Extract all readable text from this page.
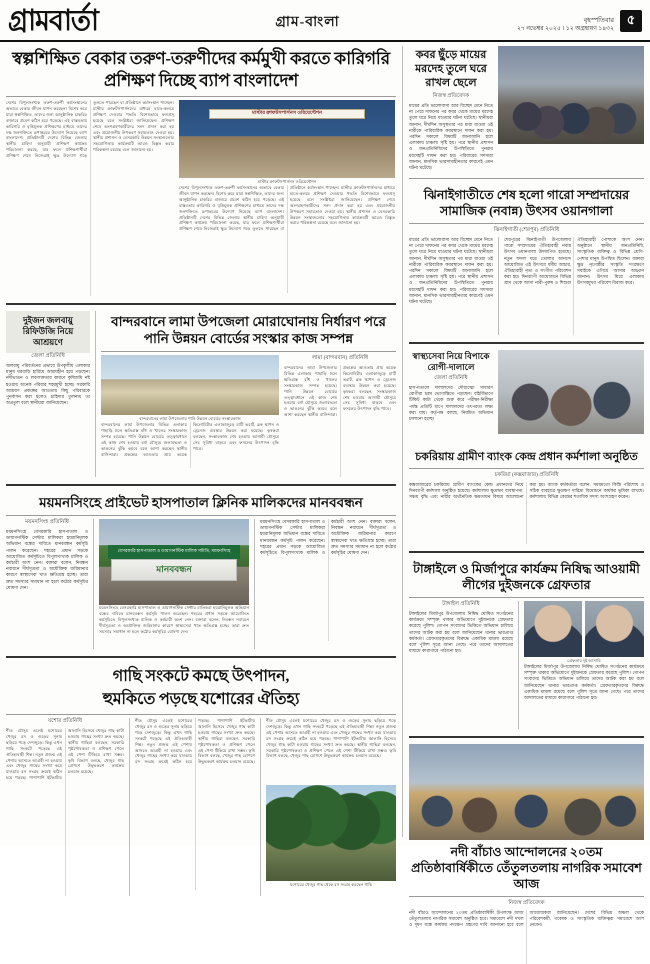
গ্রামবার্তা	গ্রাম-বাংলা	বৃহস্পতিবার
২৭ নভেম্বর ২০২৫ । ১২ অগ্রহায়ণ ১৪৩২
৫
স্বল্পশিক্ষিত বেকার তরুণ-তরুণীদের কর্মমুখী করতে কারিগরি প্রশিক্ষণ দিচ্ছে ব্যাপ বাংলাদেশ
দেশের বিপুলসংখ্যক তরুণ-তরুণী কর্মসংস্থানের অভাবে বেকার জীবন যাপন করছেন। বিশেষ করে যারা স্বল্পশিক্ষিত, তাদের জন্য আনুষ্ঠানিক চাকরির বাজারে প্রবেশ কঠিন হয়ে পড়েছে। এই বাস্তবতায় কারিগরি ও বৃত্তিমূলক প্রশিক্ষণের মাধ্যমে তাদের দক্ষ জনশক্তিতে রূপান্তরের উদ্যোগ নিয়েছে ব্যাপ বাংলাদেশ। প্রতিষ্ঠানটি দেশের বিভিন্ন জেলায় স্থানীয় চাহিদা অনুযায়ী প্রশিক্ষণ কার্যক্রম পরিচালনা করছে, যার ফলে প্রশিক্ষণার্থীরা প্রশিক্ষণ শেষে নিজেরাই ক্ষুদ্র উদ্যোগ গড়ে তুলতে পারছেন বা প্রতিষ্ঠানে কর্মসংস্থান পাচ্ছেন। মাস্টার ক্রাফটসপার্সনদের মাধ্যমে হাতে-কলমে প্রশিক্ষণ দেওয়ার পদ্ধতি বিশেষভাবে ফলপ্রসূ হয়েছে বলে সংশ্লিষ্টরা জানিয়েছেন। প্রশিক্ষণ শেষে অংশগ্রহণকারীদের সনদ প্রদান করা হয় এবং প্রয়োজনীয় উপকরণ সহায়তাও দেওয়া হয়। স্থানীয় প্রশাসন ও বেসরকারি উন্নয়ন সংস্থাগুলোর সহযোগিতায় কার্যক্রমটি আরও বিস্তৃত করার পরিকল্পনা রয়েছে বলে জানানো হয়।
মাস্টার ক্রাফটসপার্সনস ওরিয়েন্টেশন
মাস্টার ক্রাফটসপার্সনস ওরিয়েন্টেশন
দেশের বিপুলসংখ্যক তরুণ-তরুণী কর্মসংস্থানের অভাবে বেকার জীবন যাপন করছেন। বিশেষ করে যারা স্বল্পশিক্ষিত, তাদের জন্য আনুষ্ঠানিক চাকরির বাজারে প্রবেশ কঠিন হয়ে পড়েছে। এই বাস্তবতায় কারিগরি ও বৃত্তিমূলক প্রশিক্ষণের মাধ্যমে তাদের দক্ষ জনশক্তিতে রূপান্তরের উদ্যোগ নিয়েছে ব্যাপ বাংলাদেশ। প্রতিষ্ঠানটি দেশের বিভিন্ন জেলায় স্থানীয় চাহিদা অনুযায়ী প্রশিক্ষণ কার্যক্রম পরিচালনা করছে, যার ফলে প্রশিক্ষণার্থীরা প্রশিক্ষণ শেষে নিজেরাই ক্ষুদ্র উদ্যোগ গড়ে তুলতে পারছেন বা প্রতিষ্ঠানে কর্মসংস্থান পাচ্ছেন। মাস্টার ক্রাফটসপার্সনদের মাধ্যমে হাতে-কলমে প্রশিক্ষণ দেওয়ার পদ্ধতি বিশেষভাবে ফলপ্রসূ হয়েছে বলে সংশ্লিষ্টরা জানিয়েছেন। প্রশিক্ষণ শেষে অংশগ্রহণকারীদের সনদ প্রদান করা হয় এবং প্রয়োজনীয় উপকরণ সহায়তাও দেওয়া হয়। স্থানীয় প্রশাসন ও বেসরকারি উন্নয়ন সংস্থাগুলোর সহযোগিতায় কার্যক্রমটি আরও বিস্তৃত করার পরিকল্পনা রয়েছে বলে জানানো হয়।
দুইজন জলবায়ু রিফিউজি নিয়ে আশ্রয়ণে
জেলা প্রতিনিধি
জলবায়ু পরিবর্তনের প্রভাবে উপকূলীয় এলাকার মানুষ ঘরবাড়ি হারিয়ে আশ্রয়হীন হয়ে পড়ছেন। নদীভাঙন ও লবণাক্ততার কারণে কৃষিজমি নষ্ট হওয়ায় অনেক পরিবার শহরমুখী হচ্ছে। সরকারি আশ্রয়ণ প্রকল্পের আওতায় কিছু পরিবারকে পুনর্বাসন করা হলেও চাহিদার তুলনায় তা অপ্রতুল বলে স্থানীয়রা জানিয়েছেন।
বান্দরবানে লামা উপজেলা মোরাঘোনায় নির্ধারণ পরে পানি উন্নয়ন বোর্ডের সংস্কার কাজ সম্পন্ন
বান্দরবানের লামা উপজেলায় পানি উন্নয়ন বোর্ডের সংস্কারকাজ
বান্দরবানের লামা উপজেলার বিভিন্ন এলাকায় পাহাড়ি ঢলে ক্ষতিগ্রস্ত বাঁধ ও খালের সংস্কারকাজ সম্পন্ন হয়েছে। পানি উন্নয়ন বোর্ডের তত্ত্বাবধানে এই কাজ শেষ হওয়ায় বর্ষা মৌসুমে জলাবদ্ধতা ও ভাঙনের ঝুঁকি কমবে বলে আশা করছেন স্থানীয় বাসিন্দারা। প্রকল্পের আওতায় প্রায় কয়েক কিলোমিটার এলাকাজুড়ে মাটি ভরাট, ব্লক স্থাপন ও ড্রেনেজ ব্যবস্থার উন্নয়ন করা হয়েছে। কৃষকরা বলছেন, সংস্কারকাজ শেষ হওয়ায় আগামী মৌসুমে সেচ সুবিধা বাড়বে এবং ফসলের উৎপাদন বৃদ্ধি পাবে।
লামা (বান্দরবান) প্রতিনিধি
বান্দরবানের লামা উপজেলার বিভিন্ন এলাকায় পাহাড়ি ঢলে ক্ষতিগ্রস্ত বাঁধ ও খালের সংস্কারকাজ সম্পন্ন হয়েছে। পানি উন্নয়ন বোর্ডের তত্ত্বাবধানে এই কাজ শেষ হওয়ায় বর্ষা মৌসুমে জলাবদ্ধতা ও ভাঙনের ঝুঁকি কমবে বলে আশা করছেন স্থানীয় বাসিন্দারা। প্রকল্পের আওতায় প্রায় কয়েক কিলোমিটার এলাকাজুড়ে মাটি ভরাট, ব্লক স্থাপন ও ড্রেনেজ ব্যবস্থার উন্নয়ন করা হয়েছে। কৃষকরা বলছেন, সংস্কারকাজ শেষ হওয়ায় আগামী মৌসুমে সেচ সুবিধা বাড়বে এবং ফসলের উৎপাদন বৃদ্ধি পাবে।
ময়মনসিংহে প্রাইভেট হাসপাতাল ক্লিনিক মালিকদের মানববন্ধন
ময়মনসিংহ প্রতিনিধি
ময়মনসিংহে বেসরকারি হাসপাতাল ও ডায়াগনস্টিক সেন্টার মালিকরা হয়রানিমূলক অভিযান বন্ধের দাবিতে মানববন্ধন কর্মসূচি পালন করেছেন। শহরের প্রধান সড়কে আয়োজিত কর্মসূচিতে বিপুলসংখ্যক মালিক ও কর্মচারী অংশ নেন। বক্তারা বলেন, নিবন্ধন নবায়নে দীর্ঘসূত্রতা ও অযৌক্তিক জরিমানার কারণে স্বাস্থ্যসেবা খাত ক্ষতিগ্রস্ত হচ্ছে। তারা দ্রুত সমস্যার সমাধান না হলে কঠোর কর্মসূচির ঘোষণা দেন।
বেসরকারি হাসপাতাল ও ডায়াগনস্টিক মালিক সমিতি, ময়মনসিংহ
মানববন্ধন
ময়মনসিংহে বেসরকারি হাসপাতাল ও ডায়াগনস্টিক সেন্টার মালিকরা হয়রানিমূলক অভিযান বন্ধের দাবিতে মানববন্ধন কর্মসূচি পালন করেছেন। শহরের প্রধান সড়কে আয়োজিত কর্মসূচিতে বিপুলসংখ্যক মালিক ও কর্মচারী অংশ নেন। বক্তারা বলেন, নিবন্ধন নবায়নে দীর্ঘসূত্রতা ও অযৌক্তিক জরিমানার কারণে স্বাস্থ্যসেবা খাত ক্ষতিগ্রস্ত হচ্ছে। তারা দ্রুত সমস্যার সমাধান না হলে কঠোর কর্মসূচির ঘোষণা দেন।
ময়মনসিংহে বেসরকারি হাসপাতাল ও ডায়াগনস্টিক সেন্টার মালিকরা হয়রানিমূলক অভিযান বন্ধের দাবিতে মানববন্ধন কর্মসূচি পালন করেছেন। শহরের প্রধান সড়কে আয়োজিত কর্মসূচিতে বিপুলসংখ্যক মালিক ও কর্মচারী অংশ নেন। বক্তারা বলেন, নিবন্ধন নবায়নে দীর্ঘসূত্রতা ও অযৌক্তিক জরিমানার কারণে স্বাস্থ্যসেবা খাত ক্ষতিগ্রস্ত হচ্ছে। তারা দ্রুত সমস্যার সমাধান না হলে কঠোর কর্মসূচির ঘোষণা দেন।
গাছি সংকটে কমছে উৎপাদন,
হুমকিতে পড়ছে যশোরের ঐতিহ্য
যশোর প্রতিনিধি
শীত মৌসুম এলেই যশোরের খেজুর রস ও গুড়ের সুনাম ছড়িয়ে পড়ে দেশজুড়ে। কিন্তু এখন গাছি সংকটে পড়েছে এই ঐতিহ্যবাহী শিল্প। নতুন প্রজন্ম এই পেশায় আসতে আগ্রহী না হওয়ায় এবং খেজুর গাছের সংখ্যা কমে যাওয়ায় রস সংগ্রহ ক্রমেই কঠিন হয়ে পড়ছে। পাশাপাশি ইটভাটায় জ্বালানি হিসেবে খেজুর গাছ কাটা হওয়ায় গাছের সংখ্যা দ্রুত কমছে। স্থানীয় গাছিরা বলছেন, সরকারি পৃষ্ঠপোষকতা ও প্রশিক্ষণ পেলে এই পেশা টিকিয়ে রাখা সম্ভব। কৃষি বিভাগ বলছে, খেজুর গাছ রোপণে উদ্বুদ্ধকরণ কার্যক্রম চলমান রয়েছে।
শীত মৌসুম এলেই যশোরের খেজুর রস ও গুড়ের সুনাম ছড়িয়ে পড়ে দেশজুড়ে। কিন্তু এখন গাছি সংকটে পড়েছে এই ঐতিহ্যবাহী শিল্প। নতুন প্রজন্ম এই পেশায় আসতে আগ্রহী না হওয়ায় এবং খেজুর গাছের সংখ্যা কমে যাওয়ায় রস সংগ্রহ ক্রমেই কঠিন হয়ে পড়ছে। পাশাপাশি ইটভাটায় জ্বালানি হিসেবে খেজুর গাছ কাটা হওয়ায় গাছের সংখ্যা দ্রুত কমছে। স্থানীয় গাছিরা বলছেন, সরকারি পৃষ্ঠপোষকতা ও প্রশিক্ষণ পেলে এই পেশা টিকিয়ে রাখা সম্ভব। কৃষি বিভাগ বলছে, খেজুর গাছ রোপণে উদ্বুদ্ধকরণ কার্যক্রম চলমান রয়েছে।
শীত মৌসুম এলেই যশোরের খেজুর রস ও গুড়ের সুনাম ছড়িয়ে পড়ে দেশজুড়ে। কিন্তু এখন গাছি সংকটে পড়েছে এই ঐতিহ্যবাহী শিল্প। নতুন প্রজন্ম এই পেশায় আসতে আগ্রহী না হওয়ায় এবং খেজুর গাছের সংখ্যা কমে যাওয়ায় রস সংগ্রহ ক্রমেই কঠিন হয়ে পড়ছে। পাশাপাশি ইটভাটায় জ্বালানি হিসেবে খেজুর গাছ কাটা হওয়ায় গাছের সংখ্যা দ্রুত কমছে। স্থানীয় গাছিরা বলছেন, সরকারি পৃষ্ঠপোষকতা ও প্রশিক্ষণ পেলে এই পেশা টিকিয়ে রাখা সম্ভব। কৃষি বিভাগ বলছে, খেজুর গাছ রোপণে উদ্বুদ্ধকরণ কার্যক্রম চলমান রয়েছে।
যশোরের খেজুর গাছ থেকে রস সংগ্রহ করছেন গাছি
কবর ছুঁড়ে মায়ের মরদেহ তুলে ঘরে রাখল ছেলে
নিজস্ব প্রতিবেদক
মায়ের প্রতি ভালোবাসা আর বিচ্ছেদ মেনে নিতে না পেরে দাফনের পর কবর থেকে মায়ের মরদেহ তুলে ঘরে নিয়ে যাওয়ার ঘটনা ঘটেছে। স্থানীয়রা জানান, দীর্ঘদিন অসুস্থতার পর মারা যাওয়া ওই নারীকে পারিবারিক কবরস্থানে দাফন করা হয়। পরদিন সকালে বিষয়টি জানাজানি হলে এলাকায় চাঞ্চল্য সৃষ্টি হয়। পরে স্থানীয় প্রশাসন ও জনপ্রতিনিধিদের উপস্থিতিতে পুনরায় মরদেহটি দাফন করা হয়। পরিবারের সদস্যরা জানান, মানসিক ভারসাম্যহীনতার কারণেই এমন ঘটনা ঘটেছে।
ঝিনাইগাতীতে শেষ হলো গারো সম্প্রদায়ের সামাজিক (নবান্ন) উৎসব ওয়ানগালা
ঝিনাইগাতী (শেরপুর) প্রতিনিধি
মায়ের প্রতি ভালোবাসা আর বিচ্ছেদ মেনে নিতে না পেরে দাফনের পর কবর থেকে মায়ের মরদেহ তুলে ঘরে নিয়ে যাওয়ার ঘটনা ঘটেছে। স্থানীয়রা জানান, দীর্ঘদিন অসুস্থতার পর মারা যাওয়া ওই নারীকে পারিবারিক কবরস্থানে দাফন করা হয়। পরদিন সকালে বিষয়টি জানাজানি হলে এলাকায় চাঞ্চল্য সৃষ্টি হয়। পরে স্থানীয় প্রশাসন ও জনপ্রতিনিধিদের উপস্থিতিতে পুনরায় মরদেহটি দাফন করা হয়। পরিবারের সদস্যরা জানান, মানসিক ভারসাম্যহীনতার কারণেই এমন ঘটনা ঘটেছে।
শেরপুরের ঝিনাইগাতী উপজেলায় গারো সম্প্রদায়ের ঐতিহ্যবাহী নবান্ন উৎসব ওয়ানগালা উদযাপিত হয়েছে। নতুন ফসল ঘরে তোলার আনন্দে আয়োজিত এই উৎসবে ধর্মীয় আচার, ঐতিহ্যবাহী নৃত্য ও সংগীত পরিবেশন করা হয়। দিনব্যাপী আয়োজনে বিভিন্ন গ্রাম থেকে আসা নারী-পুরুষ ও শিশুরা ঐতিহ্যবাহী পোশাকে অংশ নেন। অনুষ্ঠানে স্থানীয় জনপ্রতিনিধি, সাংস্কৃতিক ব্যক্তিত্ব ও বিভিন্ন শ্রেণি-পেশার মানুষ উপস্থিত ছিলেন। বক্তারা ক্ষুদ্র নৃগোষ্ঠীর সংস্কৃতি সংরক্ষণে সবাইকে এগিয়ে আসার আহ্বান জানান। উৎসব ঘিরে এলাকায় উৎসবমুখর পরিবেশ বিরাজ করে।
স্বাস্থ্যসেবা নিয়ে বিপাকে রোগী-দালালে
জেলা প্রতিনিধি
হাসপাতালে দালালদের দৌরাত্ম্যে সাধারণ রোগীরা চরম ভোগান্তিতে পড়ছেন। বহির্বিভাগে টিকিট কাটা থেকে শুরু করে পরীক্ষা-নিরীক্ষা পর্যন্ত প্রতিটি ধাপে দালালদের তৎপরতা লক্ষ্য করা যায়। কর্তৃপক্ষ বলছে, নিয়মিত অভিযান চালানো হচ্ছে।
চকরিয়ায় গ্রামীণ ব্যাংক কেন্দ্র প্রধান কর্মশালা অনুষ্ঠিত
চকরিয়া (কক্সবাজার) প্রতিনিধি
কক্সবাজারের চকরিয়ায় গ্রামীণ ব্যাংকের কেন্দ্র প্রধানদের নিয়ে দিনব্যাপী কর্মশালা অনুষ্ঠিত হয়েছে। কর্মশালায় ক্ষুদ্রঋণ ব্যবস্থাপনা, সঞ্চয় বৃদ্ধি এবং নারীর অর্থনৈতিক ক্ষমতায়ন বিষয়ে আলোচনা করা হয়। ব্যাংক কর্মকর্তারা বলেন, সময়মতো কিস্তি পরিশোধ ও সঠিক ব্যবহারে ক্ষুদ্রঋণ দারিদ্র্য বিমোচনে কার্যকর ভূমিকা রাখছে। কর্মশালায় বিভিন্ন কেন্দ্রের শতাধিক সদস্য অংশগ্রহণ করেন।
টাঙ্গাইলে ও মির্জাপুরে কার্যক্রম নিষিদ্ধ আওয়ামী লীগের দুইজনকে গ্রেফতার
টাঙ্গাইল প্রতিনিধি
টাঙ্গাইলের মির্জাপুর উপজেলায় নিষিদ্ধ ঘোষিত সংগঠনের কার্যক্রমে সম্পৃক্ত থাকার অভিযোগে দুইজনকে গ্রেফতার করেছে পুলিশ। গোপন সংবাদের ভিত্তিতে অভিযান চালিয়ে তাদের আটক করা হয় বলে জানিয়েছেন থানার ভারপ্রাপ্ত কর্মকর্তা। গ্রেফতারকৃতদের বিরুদ্ধে একাধিক মামলা রয়েছে বলে পুলিশ সূত্রে জানা গেছে। পরে তাদের আদালতের মাধ্যমে কারাগারে পাঠানো হয়।
গ্রেফতার দুই আসামি
টাঙ্গাইলের মির্জাপুর উপজেলায় নিষিদ্ধ ঘোষিত সংগঠনের কার্যক্রমে সম্পৃক্ত থাকার অভিযোগে দুইজনকে গ্রেফতার করেছে পুলিশ। গোপন সংবাদের ভিত্তিতে অভিযান চালিয়ে তাদের আটক করা হয় বলে জানিয়েছেন থানার ভারপ্রাপ্ত কর্মকর্তা। গ্রেফতারকৃতদের বিরুদ্ধে একাধিক মামলা রয়েছে বলে পুলিশ সূত্রে জানা গেছে। পরে তাদের আদালতের মাধ্যমে কারাগারে পাঠানো হয়।
নদী বাঁচাও আন্দোলনের ২০তম প্রতিষ্ঠাবার্ষিকীতে তেঁতুলতলায় নাগরিক সমাবেশ আজ
নিজস্ব প্রতিবেদক
নদী বাঁচাও আন্দোলনের ২০তম প্রতিষ্ঠাবার্ষিকী উপলক্ষে আজ তেঁতুলতলায় নাগরিক সমাবেশ অনুষ্ঠিত হবে। সমাবেশে নদী দখল ও দূষণ বন্ধে কার্যকর পদক্ষেপ গ্রহণের দাবি জানানো হবে বলে আয়োজকরা জানিয়েছেন। দেশের বিভিন্ন অঞ্চল থেকে পরিবেশকর্মী, গবেষক ও সাংস্কৃতিক ব্যক্তিত্বরা সমাবেশে অংশ নেবেন।
